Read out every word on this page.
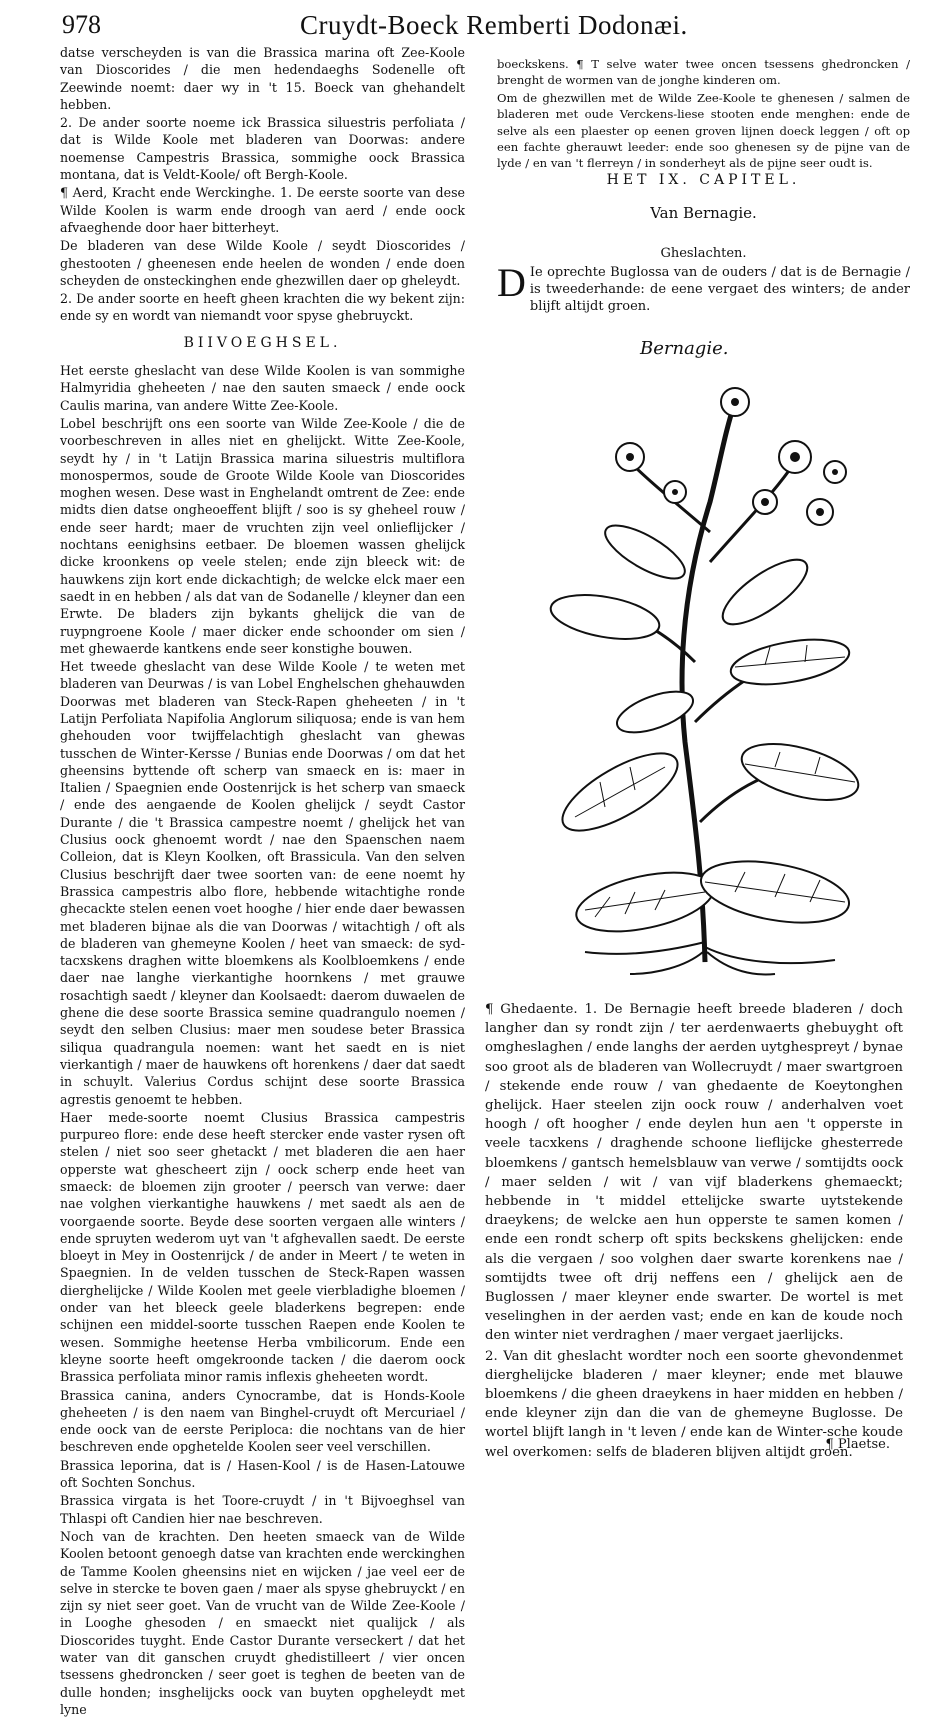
978	Cruydt-Boeck Remberti Dodonæi.

datse verscheyden is van die Brassica marina oft Zee-Koole van Dioscorides / die men hedendaeghs Sodenelle oft Zeewinde noemt: daer wy in 't 15. Boeck van ghehandelt hebben.

2. De ander soorte noeme ick Brassica siluestris perfoliata / dat is Wilde Koole met bladeren van Doorwas: andere noemense Campestris Brassica, sommighe oock Brassica montana, dat is Veldt-Koole/ oft Bergh-Koole.

¶ Aerd, Kracht ende Werckinghe. 1. De eerste soorte van dese Wilde Koolen is warm ende droogh van aerd / ende oock afvaeghende door haer bitterheyt.

De bladeren van dese Wilde Koole / seydt Dioscorides / ghestooten / gheenesen ende heelen de wonden / ende doen scheyden de onsteckinghen ende ghezwillen daer op gheleydt.

2. De ander soorte en heeft gheen krachten die wy bekent zijn: ende sy en wordt van niemandt voor spyse ghebruyckt.

BIIVOEGHSEL.

Het eerste gheslacht van dese Wilde Koolen is van sommighe Halmyridia gheheeten / nae den sauten smaeck / ende oock Caulis marina, van andere Witte Zee-Koole.

Lobel beschrijft ons een soorte van Wilde Zee-Koole / die de voorbeschreven in alles niet en ghelijckt. Witte Zee-Koole, seydt hy / in 't Latijn Brassica marina siluestris multiflora monospermos, soude de Groote Wilde Koole van Dioscorides moghen wesen. Dese wast in Enghelandt omtrent de Zee: ende midts dien datse ongheoeffent blijft / soo is sy gheheel rouw / ende seer hardt; maer de vruchten zijn veel onlieflijcker / nochtans eenighsins eetbaer. De bloemen wassen ghelijck dicke kroonkens op veele stelen; ende zijn bleeck wit: de hauwkens zijn kort ende dickachtigh; de welcke elck maer een saedt in en hebben / als dat van de Sodanelle / kleyner dan een Erwte. De bladers zijn bykants ghelijck die van de ruypngroene Koole / maer dicker ende schoonder om sien / met ghewaerde kantkens ende seer konstighe bouwen.

Het tweede gheslacht van dese Wilde Koole / te weten met bladeren van Deurwas / is van Lobel Enghelschen ghehauwden Doorwas met bladeren van Steck-Rapen gheheeten / in 't Latijn Perfoliata Napifolia Anglorum siliquosa; ende is van hem ghehouden voor twijffelachtigh gheslacht van ghewas tusschen de Winter-Kersse / Bunias ende Doorwas / om dat het gheensins byttende oft scherp van smaeck en is: maer in Italien / Spaegnien ende Oostenrijck is het scherp van smaeck / ende des aengaende de Koolen ghelijck / seydt Castor Durante / die 't Brassica campestre noemt / ghelijck het van Clusius oock ghenoemt wordt / nae den Spaenschen naem Colleion, dat is Kleyn Koolken, oft Brassicula. Van den selven Clusius beschrijft daer twee soorten van: de eene noemt hy Brassica campestris albo flore, hebbende witachtighe ronde ghecackte stelen eenen voet hooghe / hier ende daer bewassen met bladeren bijnae als die van Doorwas / witachtigh / oft als de bladeren van ghemeyne Koolen / heet van smaeck: de syd-tacxskens draghen witte bloemkens als Koolbloemkens / ende daer nae langhe vierkantighe hoornkens / met grauwe rosachtigh saedt / kleyner dan Koolsaedt: daerom duwaelen de ghene die dese soorte Brassica semine quadrangulo noemen / seydt den selben Clusius: maer men soudese beter Brassica siliqua quadrangula noemen: want het saedt en is niet vierkantigh / maer de hauwkens oft horenkens / daer dat saedt in schuylt. Valerius Cordus schijnt dese soorte Brassica agrestis genoemt te hebben.

Haer mede-soorte noemt Clusius Brassica campestris purpureo flore: ende dese heeft stercker ende vaster rysen oft stelen / niet soo seer ghetackt / met bladeren die aen haer opperste wat ghescheert zijn / oock scherp ende heet van smaeck: de bloemen zijn grooter / peersch van verwe: daer nae volghen vierkantighe hauwkens / met saedt als aen de voorgaende soorte. Beyde dese soorten vergaen alle winters / ende spruyten wederom uyt van 't afghevallen saedt. De eerste bloeyt in Mey in Oostenrijck / de ander in Meert / te weten in Spaegnien. In de velden tusschen de Steck-Rapen wassen dierghelijcke / Wilde Koolen met geele vierbladighe bloemen / onder van het bleeck geele bladerkens begrepen: ende schijnen een middel-soorte tusschen Raepen ende Koolen te wesen. Sommighe heetense Herba vmbilicorum. Ende een kleyne soorte heeft omgekroonde tacken / die daerom oock Brassica perfoliata minor ramis inflexis gheheeten wordt.

Brassica canina, anders Cynocrambe, dat is Honds-Koole gheheeten / is den naem van Binghel-cruydt oft Mercuriael / ende oock van de eerste Periploca: die nochtans van de hier beschreven ende opghetelde Koolen seer veel verschillen.

Brassica leporina, dat is / Hasen-Kool / is de Hasen-Latouwe oft Sochten Sonchus.

Brassica virgata is het Toore-cruydt / in 't Bijvoeghsel van Thlaspi oft Candien hier nae beschreven.

Noch van de krachten. Den heeten smaeck van de Wilde Koolen betoont genoegh datse van krachten ende werckinghen de Tamme Koolen gheensins niet en wijcken / jae veel eer de selve in stercke te boven gaen / maer als spyse ghebruyckt / en zijn sy niet seer goet. Van de vrucht van de Wilde Zee-Koole / in Looghe ghesoden / en smaeckt niet qualijck / als Dioscorides tuyght. Ende Castor Durante verseckert / dat het water van dit ganschen cruydt ghedistilleert / vier oncen tsessens ghedroncken / seer goet is teghen de beeten van de dulle honden; insghelijcks oock van buyten opgheleydt met lyne

boeckskens. ¶ T selve water twee oncen tsessens ghedroncken / brenght de wormen van de jonghe kinderen om.

Om de ghezwillen met de Wilde Zee-Koole te ghenesen / salmen de bladeren met oude Verckens-liese stooten ende menghen: ende de selve als een plaester op eenen groven lijnen doeck leggen / oft op een fachte gherauwt leeder: ende soo ghenesen sy de pijne van de lyde / en van 't flerreyn / in sonderheyt als de pijne seer oudt is.

HET IX. CAPITEL.
Van Bernagie.
Gheslachten.
D Ie oprechte Buglossa van de ouders / dat is de Bernagie / is tweederhande: de eene vergaet des winters; de ander blijft altijdt groen.
Bernagie.

¶ Ghedaente. 1. De Bernagie heeft breede bladeren / doch langher dan sy rondt zijn / ter aerdenwaerts ghebuyght oft omgheslaghen / ende langhs der aerden uytghespreyt / bynae soo groot als de bladeren van Wollecruydt / maer swartgroen / stekende ende rouw / van ghedaente de Koeytonghen ghelijck. Haer steelen zijn oock rouw / anderhalven voet hoogh / oft hoogher / ende deylen hun aen 't opperste in veele tacxkens / draghende schoone lieflijcke ghesterrede bloemkens / gantsch hemelsblauw van verwe / somtijdts oock / maer selden / wit / van vijf bladerkens ghemaeckt; hebbende in 't middel ettelijcke swarte uytstekende draeykens; de welcke aen hun opperste te samen komen / ende een rondt scherp oft spits beckskens ghelijcken: ende als die vergaen / soo volghen daer swarte korenkens nae / somtijdts twee oft drij neffens een / ghelijck aen de Buglossen / maer kleyner ende swarter. De wortel is met veselinghen in der aerden vast; ende en kan de koude noch den winter niet verdraghen / maer vergaet jaerlijcks.

2. Van dit gheslacht wordter noch een soorte ghevondenmet dierghelijcke bladeren / maer kleyner; ende met blauwe bloemkens / die gheen draeykens in haer midden en hebben / ende kleyner zijn dan die van de ghemeyne Buglosse. De wortel blijft langh in 't leven / ende kan de Winter-sche koude wel overkomen: selfs de bladeren blijven altijdt groen.

¶ Plaetse.
